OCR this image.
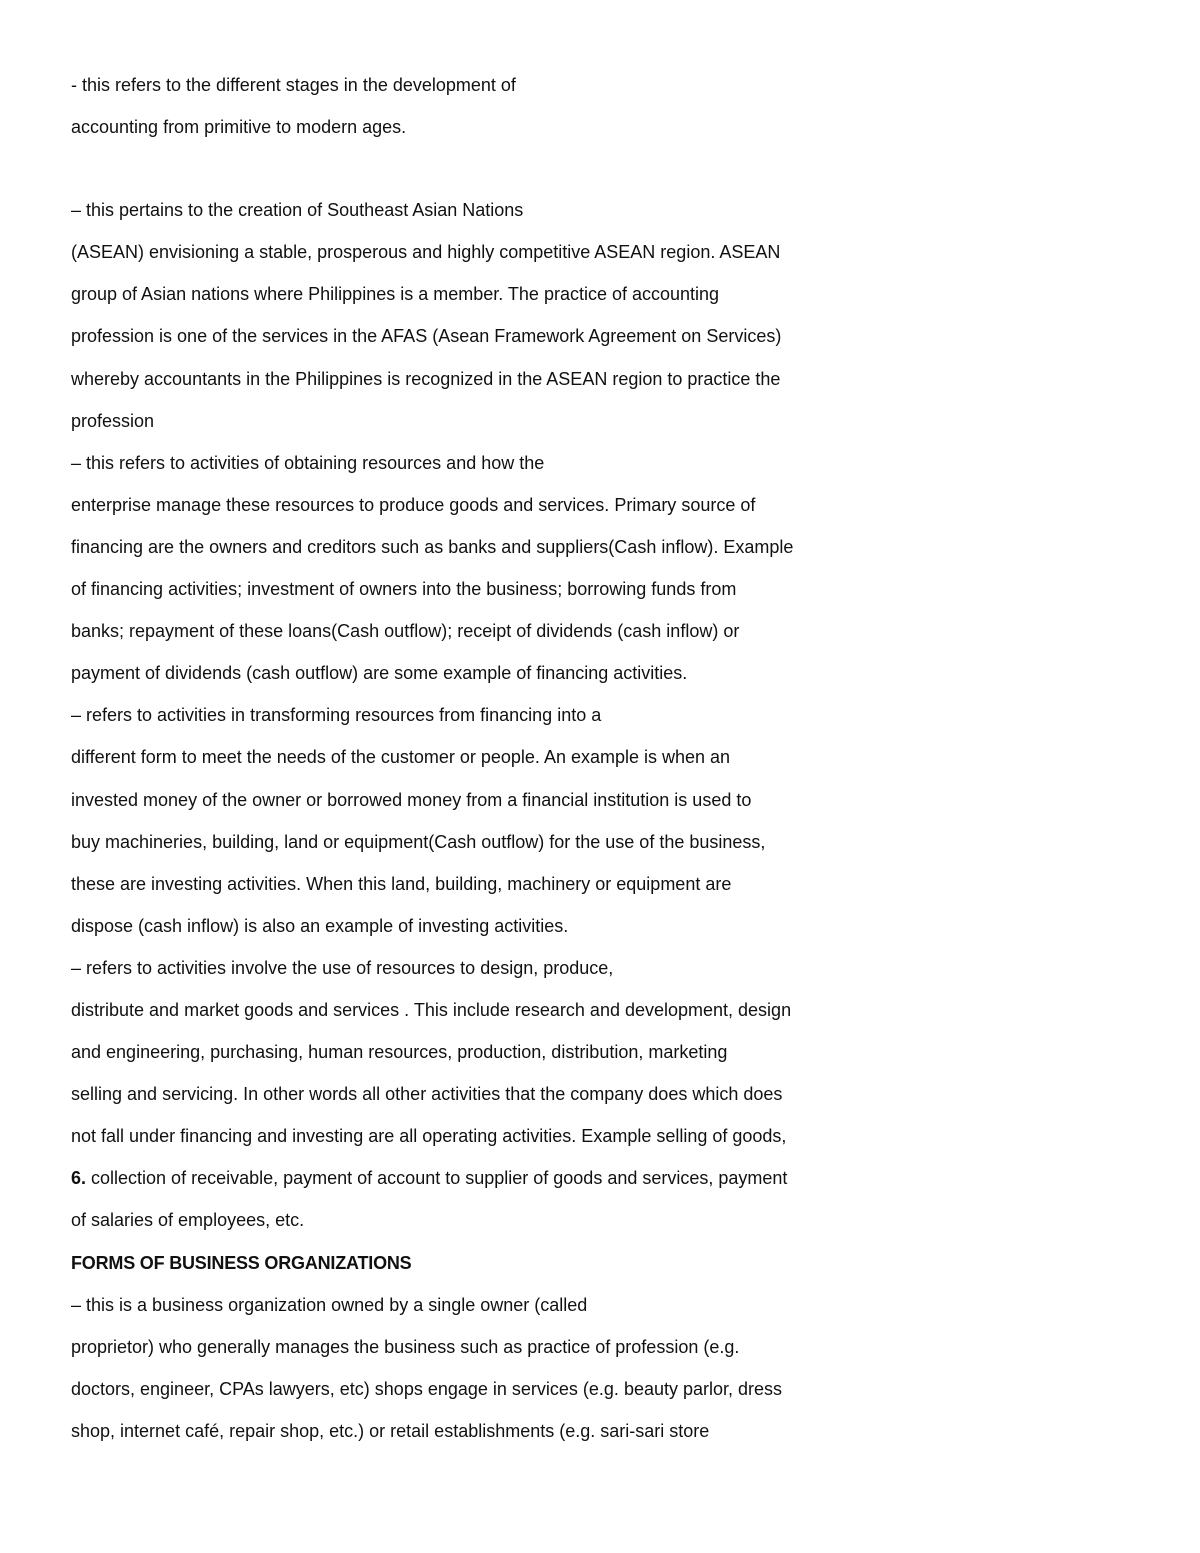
- this refers to the different stages in the development of
accounting from primitive to modern ages.
– this pertains to the creation of Southeast Asian Nations
(ASEAN) envisioning a stable, prosperous and highly competitive ASEAN region. ASEAN
group of Asian nations where Philippines is a member. The practice of accounting
profession is one of the services in the AFAS (Asean Framework Agreement on Services)
whereby accountants in the Philippines is recognized in the ASEAN region to practice the
profession
– this refers to activities of obtaining resources and how the
enterprise manage these resources to produce goods and services. Primary source of
financing are the owners and creditors such as banks and suppliers(Cash inflow). Example
of financing activities; investment of owners into the business; borrowing funds from
banks; repayment of these loans(Cash outflow); receipt of dividends (cash inflow) or
payment of dividends (cash outflow) are some example of financing activities.
– refers to activities in transforming resources from financing into a
different form to meet the needs of the customer or people. An example is when an
invested money of the owner or borrowed money from a financial institution is used to
buy machineries, building, land or equipment(Cash outflow) for the use of the business,
these are investing activities. When this land, building, machinery or equipment are
dispose (cash inflow) is also an example of investing activities.
– refers to activities involve the use of resources to design, produce,
distribute and market goods and services . This include research and development, design
and engineering, purchasing, human resources, production, distribution, marketing
selling and servicing. In other words all other activities that the company does which does
not fall under financing and investing are all operating activities. Example selling of goods,
6. collection of receivable, payment of account to supplier of goods and services, payment
of salaries of employees, etc.
FORMS OF BUSINESS ORGANIZATIONS
– this is a business organization owned by a single owner (called
proprietor) who generally manages the business such as practice of profession (e.g.
doctors, engineer, CPAs lawyers, etc) shops engage in services (e.g. beauty parlor, dress
shop, internet café, repair shop, etc.) or retail establishments (e.g. sari-sari store
